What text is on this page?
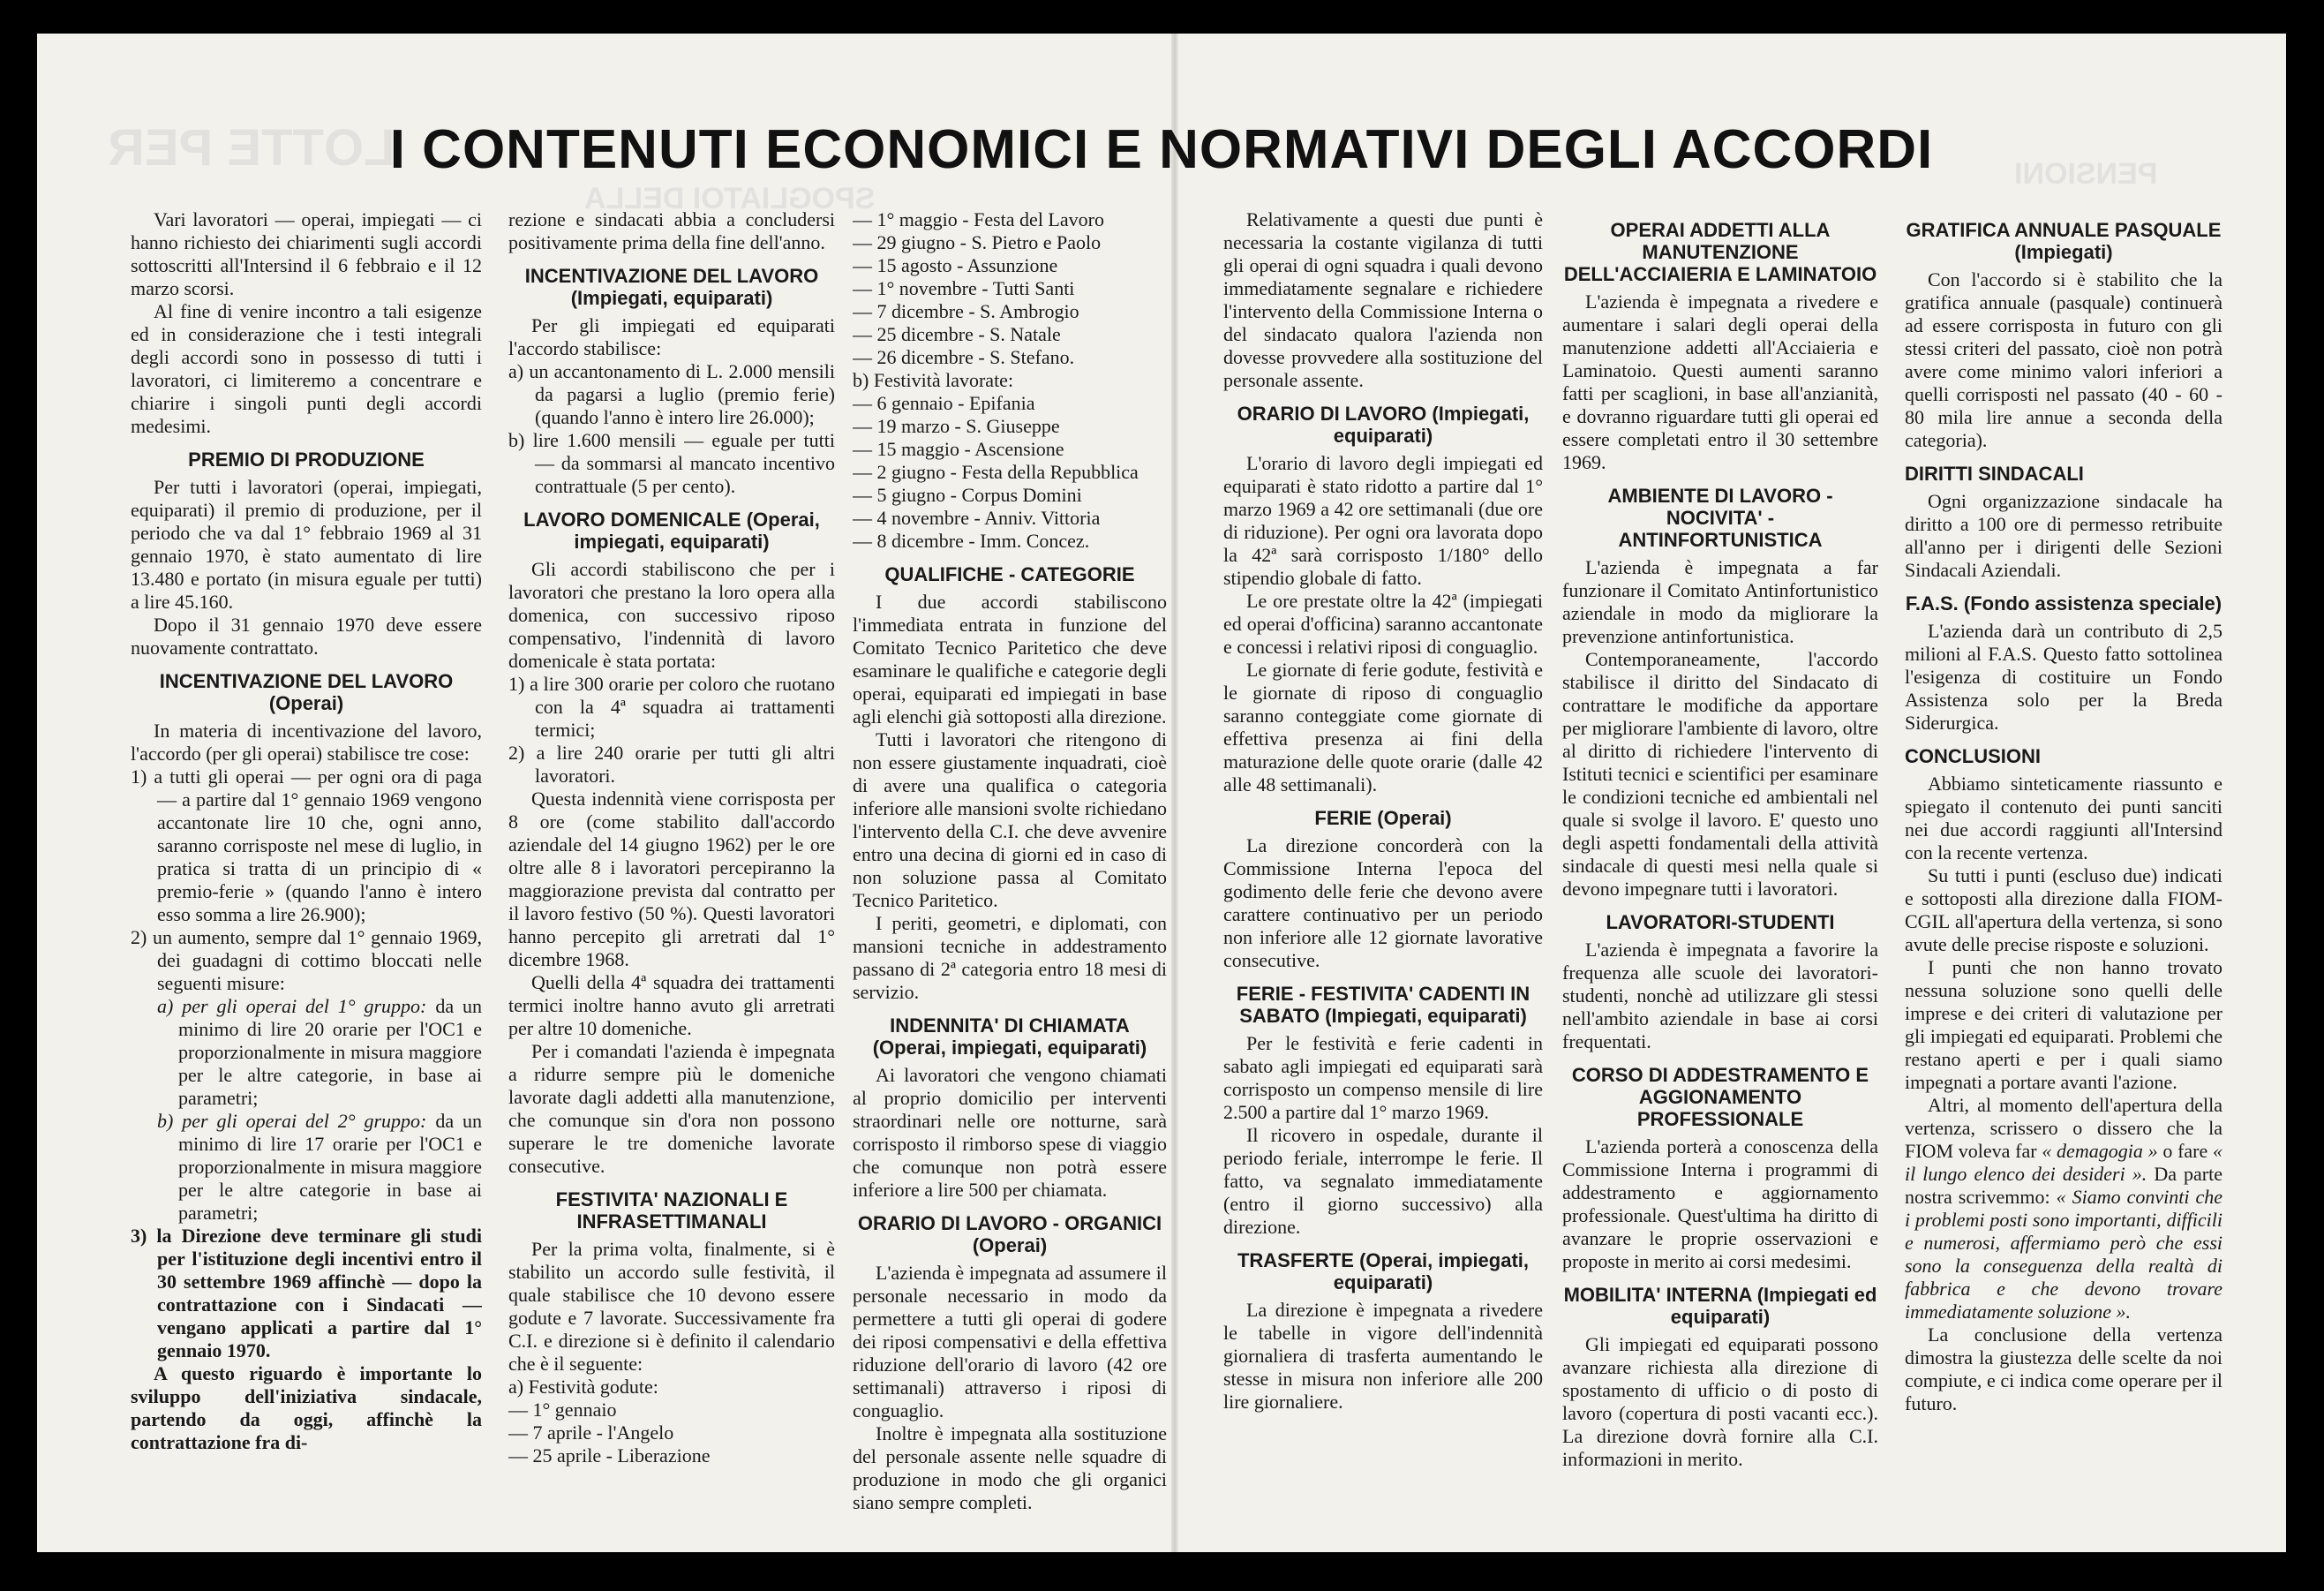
LOTTE PER
SPOGLIATOI DELLA
PENSIONI
I CONTENUTI ECONOMICI E NORMATIVI DEGLI ACCORDI

Vari lavoratori — operai, impiegati — ci hanno richiesto dei chiarimenti sugli accordi sottoscritti all'Intersind il 6 febbraio e il 12 marzo scorsi.

Al fine di venire incontro a tali esigenze ed in considerazione che i testi integrali degli accordi sono in possesso di tutti i lavoratori, ci limiteremo a concentrare e chiarire i singoli punti degli accordi medesimi.

PREMIO DI PRODUZIONE

Per tutti i lavoratori (operai, impiegati, equiparati) il premio di produzione, per il periodo che va dal 1° febbraio 1969 al 31 gennaio 1970, è stato aumentato di lire 13.480 e portato (in misura eguale per tutti) a lire 45.160.

Dopo il 31 gennaio 1970 deve essere nuovamente contrattato.

INCENTIVAZIONE DEL LAVORO (Operai)

In materia di incentivazione del lavoro, l'accordo (per gli operai) stabilisce tre cose:

1) a tutti gli operai — per ogni ora di paga — a partire dal 1° gennaio 1969 vengono accantonate lire 10 che, ogni anno, saranno corrisposte nel mese di luglio, in pratica si tratta di un principio di « premio-ferie » (quando l'anno è intero esso somma a lire 26.900);
2) un aumento, sempre dal 1° gennaio 1969, dei guadagni di cottimo bloccati nelle seguenti misure:
a) per gli operai del 1° gruppo: da un minimo di lire 20 orarie per l'OC1 e proporzionalmente in misura maggiore per le altre categorie, in base ai parametri;
b) per gli operai del 2° gruppo: da un minimo di lire 17 orarie per l'OC1 e proporzionalmente in misura maggiore per le altre categorie in base ai parametri;
3) la Direzione deve terminare gli studi per l'istituzione degli incentivi entro il 30 settembre 1969 affinchè — dopo la contrattazione con i Sindacati — vengano applicati a partire dal 1° gennaio 1970.

A questo riguardo è importante lo sviluppo dell'iniziativa sindacale, partendo da oggi, affinchè la contrattazione fra di-

rezione e sindacati abbia a concludersi positivamente prima della fine dell'anno.

INCENTIVAZIONE DEL LAVORO (Impiegati, equiparati)

Per gli impiegati ed equiparati l'accordo stabilisce:

a) un accantonamento di L. 2.000 mensili da pagarsi a luglio (premio ferie) (quando l'anno è intero lire 26.000);
b) lire 1.600 mensili — eguale per tutti — da sommarsi al mancato incentivo contrattuale (5 per cento).
LAVORO DOMENICALE (Operai, impiegati, equiparati)

Gli accordi stabiliscono che per i lavoratori che prestano la loro opera alla domenica, con successivo riposo compensativo, l'indennità di lavoro domenicale è stata portata:

1) a lire 300 orarie per coloro che ruotano con la 4ª squadra ai trattamenti termici;
2) a lire 240 orarie per tutti gli altri lavoratori.

Questa indennità viene corrisposta per 8 ore (come stabilito dall'accordo aziendale del 14 giugno 1962) per le ore oltre alle 8 i lavoratori percepiranno la maggiorazione prevista dal contratto per il lavoro festivo (50 %). Questi lavoratori hanno percepito gli arretrati dal 1° dicembre 1968.

Quelli della 4ª squadra dei trattamenti termici inoltre hanno avuto gli arretrati per altre 10 domeniche.

Per i comandati l'azienda è impegnata a ridurre sempre più le domeniche lavorate dagli addetti alla manutenzione, che comunque sin d'ora non possono superare le tre domeniche lavorate consecutive.

FESTIVITA' NAZIONALI E INFRASETTIMANALI

Per la prima volta, finalmente, si è stabilito un accordo sulle festività, il quale stabilisce che 10 devono essere godute e 7 lavorate. Successivamente fra C.I. e direzione si è definito il calendario che è il seguente:

a) Festività godute:
— 1° gennaio
— 7 aprile - l'Angelo
— 25 aprile - Liberazione
— 1° maggio - Festa del Lavoro
— 29 giugno - S. Pietro e Paolo
— 15 agosto - Assunzione
— 1° novembre - Tutti Santi
— 7 dicembre - S. Ambrogio
— 25 dicembre - S. Natale
— 26 dicembre - S. Stefano.
b) Festività lavorate:
— 6 gennaio - Epifania
— 19 marzo - S. Giuseppe
— 15 maggio - Ascensione
— 2 giugno - Festa della Repubblica
— 5 giugno - Corpus Domini
— 4 novembre - Anniv. Vittoria
— 8 dicembre - Imm. Concez.
QUALIFICHE - CATEGORIE

I due accordi stabiliscono l'immediata entrata in funzione del Comitato Tecnico Paritetico che deve esaminare le qualifiche e categorie degli operai, equiparati ed impiegati in base agli elenchi già sottoposti alla direzione.

Tutti i lavoratori che ritengono di non essere giustamente inquadrati, cioè di avere una qualifica o categoria inferiore alle mansioni svolte richiedano l'intervento della C.I. che deve avvenire entro una decina di giorni ed in caso di non soluzione passa al Comitato Tecnico Paritetico.

I periti, geometri, e diplomati, con mansioni tecniche in addestramento passano di 2ª categoria entro 18 mesi di servizio.

INDENNITA' DI CHIAMATA (Operai, impiegati, equiparati)

Ai lavoratori che vengono chiamati al proprio domicilio per interventi straordinari nelle ore notturne, sarà corrisposto il rimborso spese di viaggio che comunque non potrà essere inferiore a lire 500 per chiamata.

ORARIO DI LAVORO - ORGANICI (Operai)

L'azienda è impegnata ad assumere il personale necessario in modo da permettere a tutti gli operai di godere dei riposi compensativi e della effettiva riduzione dell'orario di lavoro (42 ore settimanali) attraverso i riposi di conguaglio.

Inoltre è impegnata alla sostituzione del personale assente nelle squadre di produzione in modo che gli organici siano sempre completi.

Relativamente a questi due punti è necessaria la costante vigilanza di tutti gli operai di ogni squadra i quali devono immediatamente segnalare e richiedere l'intervento della Commissione Interna o del sindacato qualora l'azienda non dovesse provvedere alla sostituzione del personale assente.

ORARIO DI LAVORO (Impiegati, equiparati)

L'orario di lavoro degli impiegati ed equiparati è stato ridotto a partire dal 1° marzo 1969 a 42 ore settimanali (due ore di riduzione). Per ogni ora lavorata dopo la 42ª sarà corrisposto 1/180° dello stipendio globale di fatto.

Le ore prestate oltre la 42ª (impiegati ed operai d'officina) saranno accantonate e concessi i relativi riposi di conguaglio.

Le giornate di ferie godute, festività e le giornate di riposo di conguaglio saranno conteggiate come giornate di effettiva presenza ai fini della maturazione delle quote orarie (dalle 42 alle 48 settimanali).

FERIE (Operai)

La direzione concorderà con la Commissione Interna l'epoca del godimento delle ferie che devono avere carattere continuativo per un periodo non inferiore alle 12 giornate lavorative consecutive.

FERIE - FESTIVITA' CADENTI IN SABATO (Impiegati, equiparati)

Per le festività e ferie cadenti in sabato agli impiegati ed equiparati sarà corrisposto un compenso mensile di lire 2.500 a partire dal 1° marzo 1969.

Il ricovero in ospedale, durante il periodo feriale, interrompe le ferie. Il fatto, va segnalato immediatamente (entro il giorno successivo) alla direzione.

TRASFERTE (Operai, impiegati, equiparati)

La direzione è impegnata a rivedere le tabelle in vigore dell'indennità giornaliera di trasferta aumentando le stesse in misura non inferiore alle 200 lire giornaliere.

OPERAI ADDETTI ALLA MANUTENZIONE DELL'ACCIAIERIA E LAMINATOIO

L'azienda è impegnata a rivedere e aumentare i salari degli operai della manutenzione addetti all'Acciaieria e Laminatoio. Questi aumenti saranno fatti per scaglioni, in base all'anzianità, e dovranno riguardare tutti gli operai ed essere completati entro il 30 settembre 1969.

AMBIENTE DI LAVORO - NOCIVITA' - ANTINFORTUNISTICA

L'azienda è impegnata a far funzionare il Comitato Antinfortunistico aziendale in modo da migliorare la prevenzione antinfortunistica.

Contemporaneamente, l'accordo stabilisce il diritto del Sindacato di contrattare le modifiche da apportare per migliorare l'ambiente di lavoro, oltre al diritto di richiedere l'intervento di Istituti tecnici e scientifici per esaminare le condizioni tecniche ed ambientali nel quale si svolge il lavoro. E' questo uno degli aspetti fondamentali della attività sindacale di questi mesi nella quale si devono impegnare tutti i lavoratori.

LAVORATORI-STUDENTI

L'azienda è impegnata a favorire la frequenza alle scuole dei lavoratori-studenti, nonchè ad utilizzare gli stessi nell'ambito aziendale in base ai corsi frequentati.

CORSO DI ADDESTRAMENTO E AGGIONAMENTO PROFESSIONALE

L'azienda porterà a conoscenza della Commissione Interna i programmi di addestramento e aggiornamento professionale. Quest'ultima ha diritto di avanzare le proprie osservazioni e proposte in merito ai corsi medesimi.

MOBILITA' INTERNA (Impiegati ed equiparati)

Gli impiegati ed equiparati possono avanzare richiesta alla direzione di spostamento di ufficio o di posto di lavoro (copertura di posti vacanti ecc.). La direzione dovrà fornire alla C.I. informazioni in merito.

GRATIFICA ANNUALE PASQUALE (Impiegati)

Con l'accordo si è stabilito che la gratifica annuale (pasquale) continuerà ad essere corrisposta in futuro con gli stessi criteri del passato, cioè non potrà avere come minimo valori inferiori a quelli corrisposti nel passato (40 - 60 - 80 mila lire annue a seconda della categoria).

DIRITTI SINDACALI

Ogni organizzazione sindacale ha diritto a 100 ore di permesso retribuite all'anno per i dirigenti delle Sezioni Sindacali Aziendali.

F.A.S. (Fondo assistenza speciale)

L'azienda darà un contributo di 2,5 milioni al F.A.S. Questo fatto sottolinea l'esigenza di costituire un Fondo Assistenza solo per la Breda Siderurgica.

CONCLUSIONI

Abbiamo sinteticamente riassunto e spiegato il contenuto dei punti sanciti nei due accordi raggiunti all'Intersind con la recente vertenza.

Su tutti i punti (escluso due) indicati e sottoposti alla direzione dalla FIOM-CGIL all'apertura della vertenza, si sono avute delle precise risposte e soluzioni.

I punti che non hanno trovato nessuna soluzione sono quelli delle imprese e dei criteri di valutazione per gli impiegati ed equiparati. Problemi che restano aperti e per i quali siamo impegnati a portare avanti l'azione.

Altri, al momento dell'apertura della vertenza, scrissero o dissero che la FIOM voleva far « demagogia » o fare « il lungo elenco dei desideri ». Da parte nostra scrivemmo: « Siamo convinti che i problemi posti sono importanti, difficili e numerosi, affermiamo però che essi sono la conseguenza della realtà di fabbrica e che devono trovare immediatamente soluzione ».

La conclusione della vertenza dimostra la giustezza delle scelte da noi compiute, e ci indica come operare per il futuro.
